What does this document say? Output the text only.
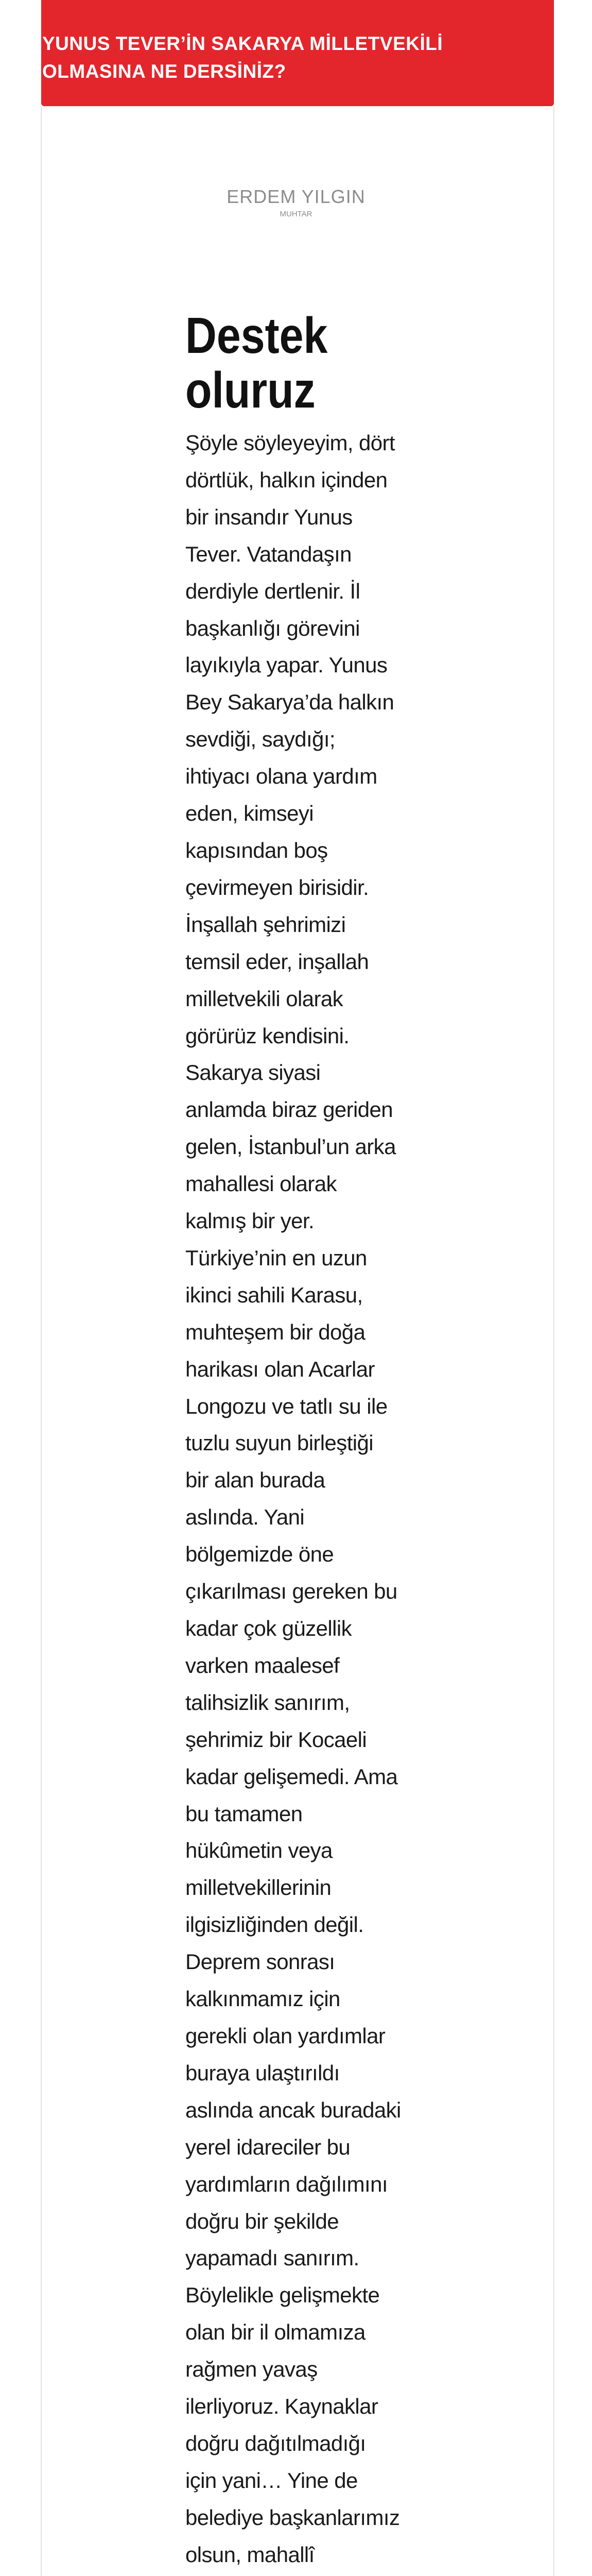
YUNUS TEVER’İN SAKARYA MİLLETVEKİLİ OLMASINA NE DERSİNİZ?
ERDEM YILGIN
MUHTAR
Destek oluruz

Şöyle söyleyeyim, dört dörtlük, halkın içinden bir insandır Yunus Tever. Vatandaşın derdiyle dertlenir. İl başkanlığı görevini layıkıyla yapar. Yunus Bey Sakarya’da halkın sevdiği, saydığı; ihtiyacı olana yardım eden, kimseyi kapısından boş çevirmeyen birisidir. İnşallah şehrimizi temsil eder, inşallah milletvekili olarak görürüz kendisini. Sakarya siyasi anlamda biraz geriden gelen, İstanbul’un arka mahallesi olarak kalmış bir yer. Türkiye’nin en uzun ikinci sahili Karasu, muhteşem bir doğa harikası olan Acarlar Longozu ve tatlı su ile tuzlu suyun birleştiği bir alan burada aslında. Yani bölgemizde öne çıkarılması gereken bu kadar çok güzellik varken maalesef talihsizlik sanırım, şehrimiz bir Kocaeli kadar gelişemedi. Ama bu tamamen hükûmetin veya milletvekillerinin ilgisizliğinden değil. Deprem sonrası kalkınmamız için gerekli olan yardımlar buraya ulaştırıldı aslında ancak buradaki yerel idareciler bu yardımların dağılımını doğru bir şekilde yapamadı sanırım. Böylelikle gelişmekte olan bir il olmamıza rağmen yavaş ilerliyoruz. Kaynaklar doğru dağıtılmadığı için yani… Yine de belediye başkanlarımız olsun, mahallî
